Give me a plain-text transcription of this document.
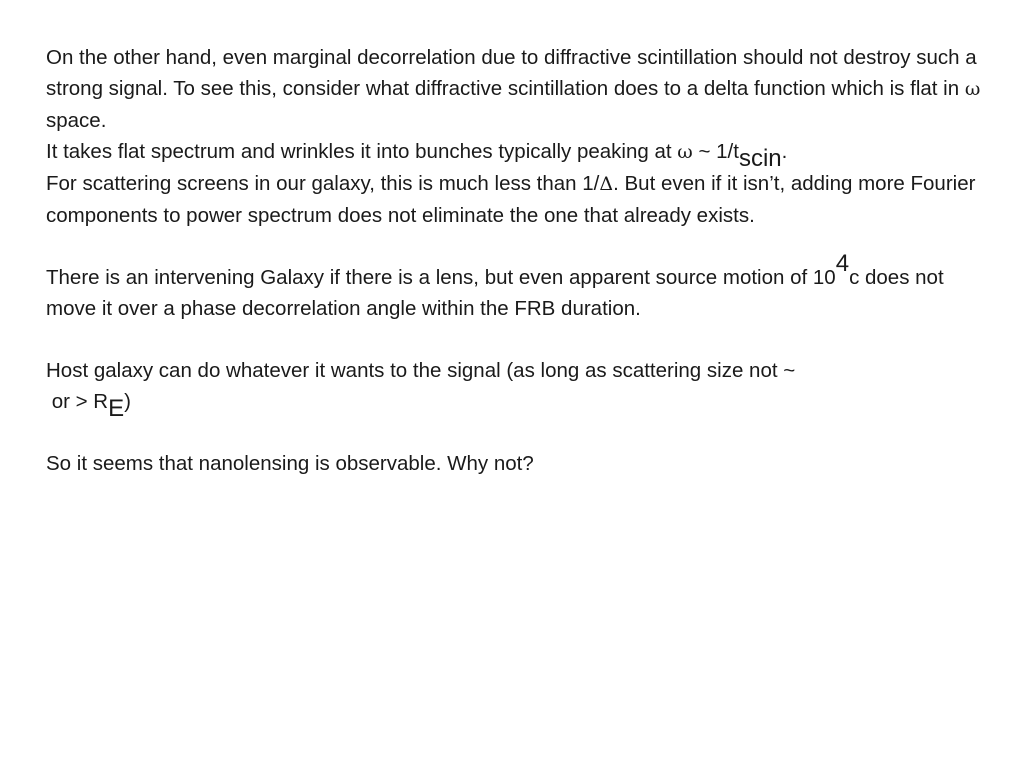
On the other hand, even marginal decorrelation due to diffractive scintillation should not destroy such a strong signal. To see this, consider what diffractive scintillation does to a delta function which is flat in ω space.

It takes flat spectrum and wrinkles it into bunches typically peaking at ω ~ 1/tscin.

For scattering screens in our galaxy, this is much less than 1/Δ. But even if it isn’t, adding more Fourier components to power spectrum does not eliminate the one that already exists.

There is an intervening Galaxy if there is a lens, but even apparent source motion of 104c does not move it over a phase decorrelation angle within the FRB duration.

Host galaxy can do whatever it wants to the signal (as long as scattering size not ~
or > RE)

So it seems that nanolensing is observable. Why not?
